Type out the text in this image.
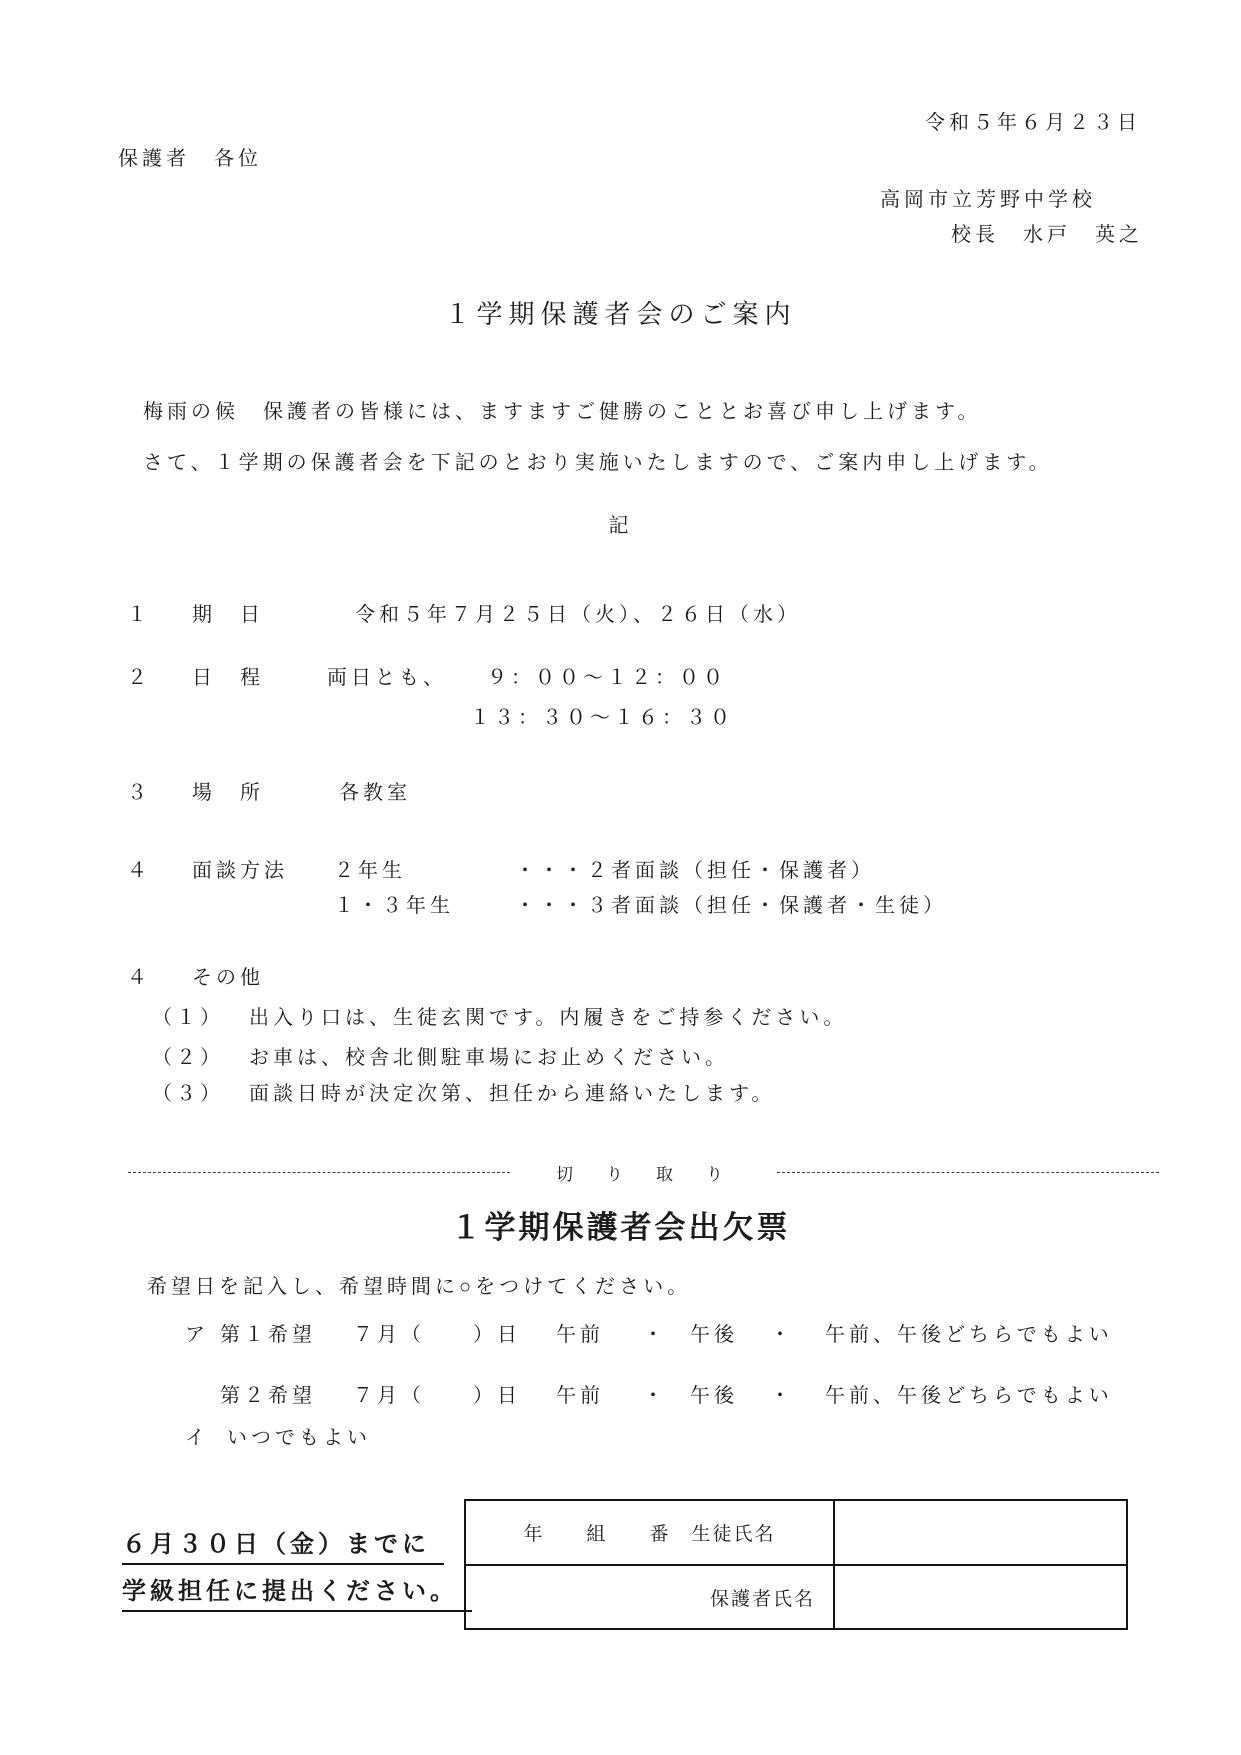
令和５年６月２３日
保護者　各位
高岡市立芳野中学校
校長　水戸　英之
１学期保護者会のご案内
梅雨の候　保護者の皆様には、ますますご健勝のこととお喜び申し上げます。
さて、１学期の保護者会を下記のとおり実施いたしますので、ご案内申し上げます。
記
１ 期　日	令和５年７月２５日（火）、２６日（水）
２ 日　程	両日とも、 ９：００～１２：００
１３：３０～１６：３０
３ 場　所	各教室
４ 面談方法 ２年生	・・・２者面談（担任・保護者）
１・３年生	・・・３者面談（担任・保護者・生徒）
４ その他
（１） 出入り口は、生徒玄関です。内履きをご持参ください。
（２） お車は、校舎北側駐車場にお止めください。
（３） 面談日時が決定次第、担任から連絡いたします。
切　り　取　り
１学期保護者会出欠票
希望日を記入し、希望時間に○をつけてください。
ア 第１希望 ７月（　　）日 午前 ・ 午後 ・ 午前、午後どちらでもよい
第２希望 ７月（　　）日 午前 ・ 午後 ・ 午前、午後どちらでもよい
イ いつでもよい
６月３０日（金）までに
学級担任に提出ください。
年　　組　　番　生徒氏名	
保護者氏名	
